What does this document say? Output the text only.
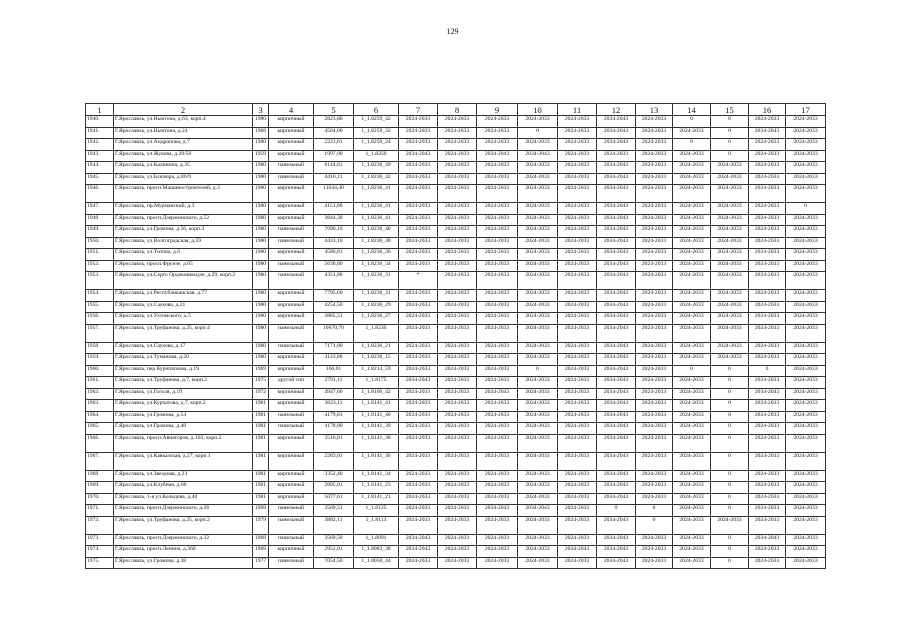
129
1	2	3	4	5	6	7	8	9	10	11	12	13	14	15	16	17
1940.	Г.Ярославль, ул.Ньютона, д.63, корп.4	1980	кирпичный	2823,80	1_1.8259_42	2024-2033	2024-2033	2024-2033	2024-2033	2024-2033	2034-2043	2024-2033	0	0	2024-2033	2024-2033
1941.	Г.Ярославль, ул.Ньютона, д.24	1968	кирпичный	4564,00	1_1.8259_32	2024-2033	2024-2033	2024-2033	0	2024-2033	2034-2043	2024-2033	2024-2033	0	2034-2043	2024-2033
1942.	Г.Ярославль, ул.Андропова, д.7	1980	кирпичный	2223,61	1_1.8259_24	2024-2033	2024-2033	2024-2033	2024-2033	2024-2033	2034-2043	2024-2033	0	0	2024-2033	2024-2033
1943.	Г.Ярославль, ул.Жукова, д.20/50	1959	кирпичный	1997,00	1_1.8250	2034-2043	2024-2033	2034-2043	2034-2043	2024-2033	2024-2033	2024-2033	2024-2033	0	2024-2033	2024-2033
1944.	Г.Ярославль, ул.Калинина, д.35	1980	панельный	8144,81	1_1.8236_49	2024-2033	2024-2033	2024-2033	2024-2033	2024-2033	2034-2043	2024-2033	2024-2033	2024-2033	2024-2033	2024-2033
1945.	Г.Ярославль, ул.Блюхера, д.86/9	1980	панельный	4416,11	1_1.8236_42	2024-2033	2024-2033	2024-2033	2024-2033	2024-2033	2034-2043	2024-2033	2024-2033	2024-2033	2024-2033	2024-2033
1946.	Г.Ярославль, просп.Машиностроителей, д.3	1980	кирпичный	11644,40	1_1.8236_41	2024-2033	2024-2033	2024-2033	2024-2033	2024-2033	2034-2043	2024-2033	2024-2033	2024-2033	2024-2033	2024-2033
1947.	Г.Ярославль, пр.Мурманский, д.3	1980	кирпичный	4151,80	1_1.8236_41	2024-2033	2024-2033	2024-2033	2024-2033	2024-2033	2034-2043	2024-2033	2024-2033	2024-2033	2024-2033	0
1948.	Г.Ярославль, просп.Дзержинского, д.52	1980	кирпичный	3844,30	1_1.8236_41	2024-2033	2024-2033	2024-2033	2024-2033	2024-2033	2034-2043	2024-2033	2024-2033	2024-2033	2024-2033	2024-2033
1949.	Г.Ярославль, ул.Громова, д.56, корп.3	1980	панельный	7690,10	1_1.8236_40	2024-2033	2024-2033	2024-2033	2024-2033	2024-2033	2034-2043	2024-2033	2024-2033	2024-2033	2024-2033	2024-2033
1950.	Г.Ярославль, ул.Волгоградская, д.59	1980	панельный	4433,10	1_1.8236_38	2024-2033	2024-2033	2024-2033	2024-2033	2024-2033	2034-2043	2024-2033	2024-2033	2024-2033	2024-2033	2024-2033
1951.	Г.Ярославль, ул.Титова, д.6	1980	кирпичный	4586,81	1_1.8236_36	2024-2033	2024-2033	2024-2033	2024-2033	2024-2033	2034-2043	2024-2033	2024-2033	2024-2033	2024-2033	2024-2033
1952.	Г.Ярославль, просп.Фрунзе, д.65	1980	панельный	5630,80	1_1.8236_34	2024-2033	2024-2033	2024-2033	2024-2033	2024-2033	2034-2043	2024-2033	2024-2033	2024-2033	2024-2033	2024-2033
1953.	Г.Ярославль, ул.Серго Орджоникидзе, д.29, корп.2	1980	панельный	4351,80	1_1.8236_31	*	2024-2033	2024-2033	2024-2033	2024-2033	2034-2043	2024-2033	2024-2033	2024-2033	2024-2033	2024-2033
1954.	Г.Ярославль, ул.Республиканская, д.77	1980	кирпичный	7795,60	1_1.8236_31	2024-2033	2024-2033	2024-2033	2024-2033	2024-2033	2034-2043	2024-2033	2024-2033	2024-2033	2024-2033	2024-2033
1955.	Г.Ярославль, ул.Саукова, д.21	1980	кирпичный	4254,50	1_1.8236_29	2024-2033	2024-2033	2024-2033	2024-2033	2024-2033	2034-2043	2024-2033	2024-2033	2024-2033	2024-2033	2024-2033
1956.	Г.Ярославль, ул.Ухтомского, д.5	1980	кирпичный	3885,51	1_1.8236_27	2024-2033	2024-2033	2024-2033	2024-2033	2024-2033	2034-2043	2024-2033	2024-2033	2024-2033	2024-2033	2024-2033
1957.	Г.Ярославль, ул.Труфанова, д.25, корп.4	1980	панельный	10670,70	1_1.8236	2024-2033	2024-2033	2024-2033	2024-2033	2024-2033	2034-2043	2024-2033	2024-2033	2024-2033	2024-2033	2024-2033
1958.	Г.Ярославль, ул.Саукова, д.17	1980	панельный	7171,80	1_1.8236_21	2024-2033	2024-2033	2024-2033	2024-2033	2024-2033	2034-2043	2024-2033	2024-2033	2024-2033	2024-2033	2024-2033
1959.	Г.Ярославль, ул.Туманова, д.20	1980	кирпичный	4123,80	1_1.8236_15	2024-2033	2024-2033	2024-2033	2024-2033	2024-2033	2034-2043	2024-2033	2024-2033	2024-2033	2024-2033	2024-2033
1960.	Г.Ярославль, пер.Куропаткова, д.19	1969	кирпичный	166,01	1_1.8214_59	2024-2033	2024-2033	2024-2033	0	2024-2033	2034-2043	2024-2033	0	0	0	2024-2033
1961.	Г.Ярославль, ул.Труфанова, д.7, корп.2	1975	другой тип	2791,11	1_1.8175	2034-2043	2024-2033	2024-2033	2024-2033	2024-2033	2034-2043	2024-2033	2024-2033	0	2024-2033	2024-2033
1962.	Г.Ярославль, ул.Гоголя, д.19	1972	кирпичный	4947,60	1_1.8166_42	2024-2033	2024-2033	2034-2043	2024-2033	2024-2033	2034-2043	2024-2033	2024-2033	0	2034-2043	2024-2033
1963.	Г.Ярославль, ул.Курчатова, д.7, корп.2	1981	кирпичный	3823,11	1_1.8141_41	2024-2033	2024-2033	2024-2033	2024-2033	2024-2033	2034-2043	2024-2033	2024-2033	0	2024-2033	2024-2033
1964.	Г.Ярославль, ул.Громова, д.54	1981	панельный	4179,81	1_1.8141_40	2024-2033	2024-2033	2024-2033	2024-2033	2024-2033	2034-2043	2024-2033	2024-2033	0	2024-2033	2024-2033
1965.	Г.Ярославль, ул.Громова, д.48	1981	панельный	4178,80	1_1.8141_39	2024-2033	2024-2033	2024-2033	2024-2033	2024-2033	2034-2043	2024-2033	2024-2033	0	2024-2033	2024-2033
1966.	Г.Ярославль, просп.Авиаторов, д.102, корп.2	1981	кирпичный	3516,01	1_1.8141_38	2024-2033	2024-2033	2024-2033	2024-2033	2024-2033	2034-2043	2024-2033	2024-2033	0	2024-2033	2024-2033
1967.	Г.Ярославль, ул.Кавказская, д.27, корп.1	1981	кирпичный	2283,01	1_1.8141_36	2024-2033	2024-2033	2024-2033	2024-2033	2024-2033	2034-2043	2024-2033	2024-2033	0	2024-2033	2024-2033
1968.	Г.Ярославль, ул.Звездная, д.23	1981	кирпичный	3352,40	1_1.8141_34	2024-2033	2024-2033	2024-2033	2024-2033	2024-2033	2034-2043	2024-2033	2024-2033	0	2024-2033	2024-2033
1969.	Г.Ярославль, ул.Клубная, д.66	1981	кирпичный	2895,01	1_1.8141_23	2024-2033	2024-2033	2024-2033	2024-2033	2024-2033	2034-2043	2024-2033	2024-2033	0	2024-2033	2024-2033
1970.	Г.Ярославль, 1-я ул.Кольцова, д.40	1981	кирпичный	5077,61	1_1.8141_21	2024-2033	2024-2033	2024-2033	2024-2033	2024-2033	2034-2043	2024-2033	2024-2033	0	2024-2033	2024-2033
1971.	Г.Ярославль, просп.Дзержинского, д.26	1968	панельный	3569,51	1_1.8125	2024-2033	2024-2033	2034-2043	2034-2043	2024-2033	0	0	2024-2033	0	2024-2033	2024-2033
1972.	Г.Ярославль, ул.Труфанова, д.25, корп.2	1979	панельный	3882,11	1_1.8113	2024-2033	2024-2033	2024-2033	2024-2033	2024-2033	2034-2043	0	2024-2033	2024-2033	2024-2033	2024-2033
1973.	Г.Ярославль, просп.Дзержинского, д.32	1968	панельный	3569,50	1_1.8091	2034-2043	2024-2033	2024-2033	2024-2033	2024-2033	2034-2043	2024-2033	2024-2033	0	2034-2043	2024-2033
1974.	Г.Ярославль, просп.Ленина, д.36б	1969	кирпичный	2952,01	1_1.8083_38	2034-2043	2024-2033	2024-2033	2024-2033	2034-2043	2034-2043	2024-2033	2024-2033	0	2024-2033	2024-2033
1975.	Г.Ярославль, ул.Громова, д.38	1977	панельный	7054,50	1_1.8050_44	2024-2033	2024-2033	2024-2033	2024-2033	2024-2033	2034-2043	2024-2033	2024-2033	0	2024-2033	2024-2033
